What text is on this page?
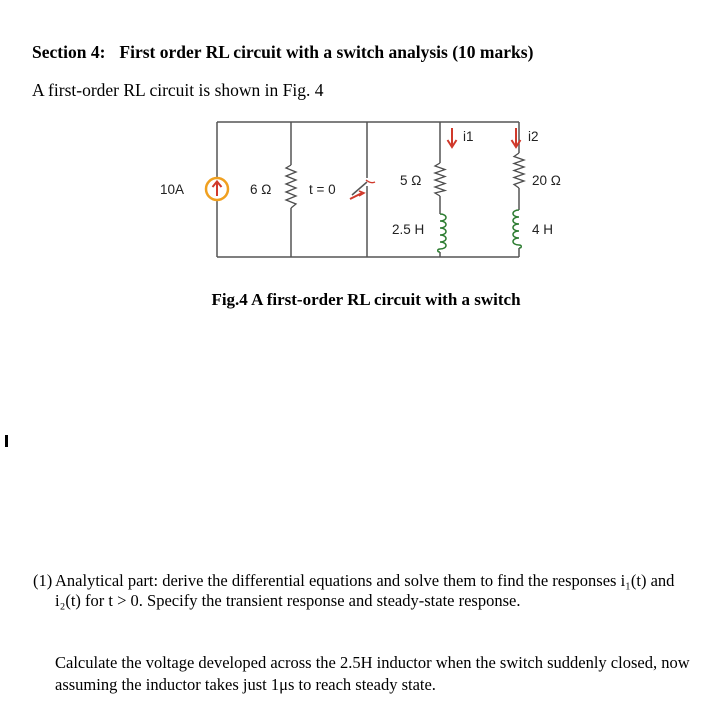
Section 4: First order RL circuit with a switch analysis (10 marks)
A first-order RL circuit is shown in Fig. 4
10A	6 Ω	t = 0
5 Ω
2.5 H
i1	i2
20 Ω
4 H
Fig.4 A first-order RL circuit with a switch
(1) Analytical part: derive the differential equations and solve them to find the responses i₁(t) and i₂(t) for t > 0. Specify the transient response and steady-state response.
Calculate the voltage developed across the 2.5H inductor when the switch suddenly closed, now assuming the inductor takes just 1μs to reach steady state.
